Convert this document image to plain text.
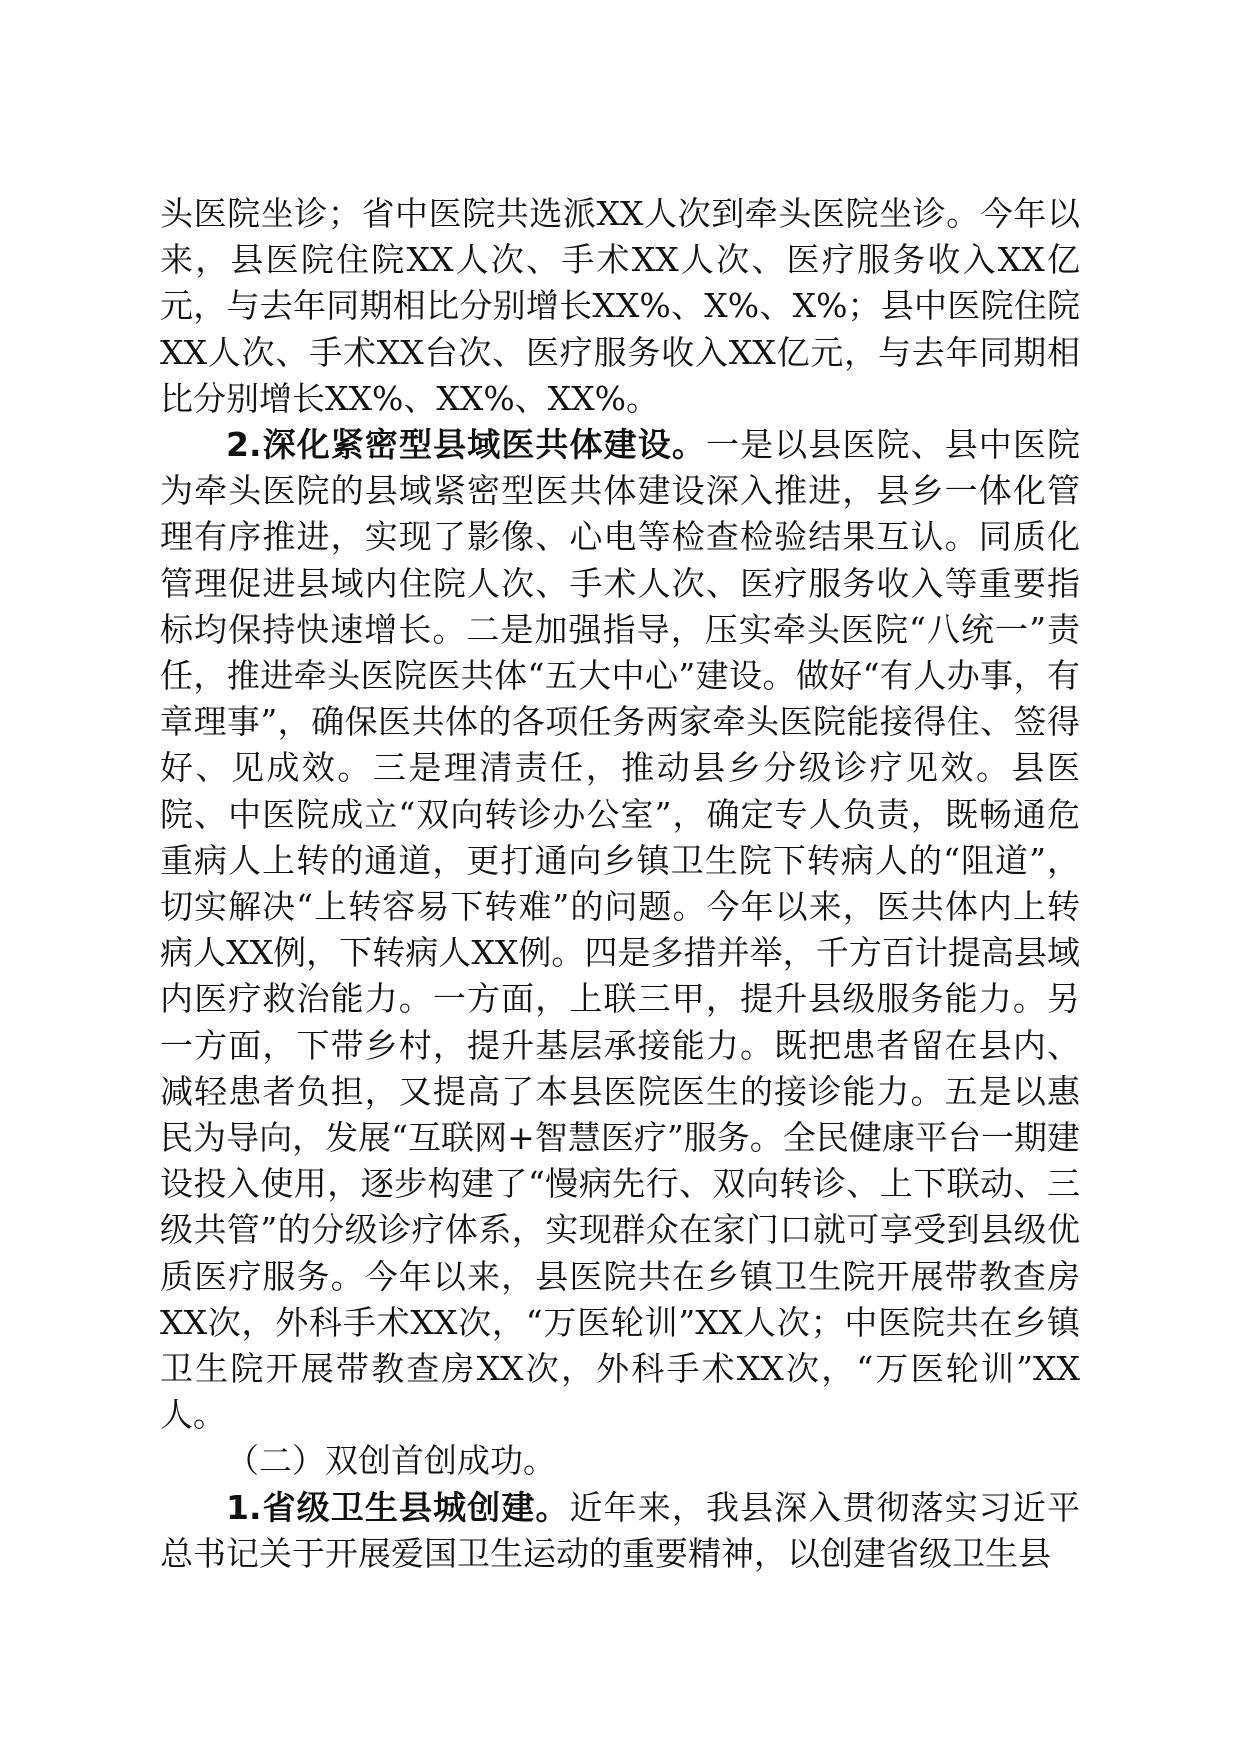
头医院坐诊；省中医院共选派XX人次到牵头医院坐诊。今年以来，县医院住院XX人次、手术XX人次、医疗服务收入XX亿元，与去年同期相比分别增长XX%、X%、X%；县中医院住院XX人次、手术XX台次、医疗服务收入XX亿元，与去年同期相比分别增长XX%、XX%、XX%。

2.深化紧密型县域医共体建设。一是以县医院、县中医院为牵头医院的县域紧密型医共体建设深入推进，县乡一体化管理有序推进，实现了影像、心电等检查检验结果互认。同质化管理促进县域内住院人次、手术人次、医疗服务收入等重要指标均保持快速增长。二是加强指导，压实牵头医院“八统一”责任，推进牵头医院医共体“五大中心”建设。做好“有人办事，有章理事”，确保医共体的各项任务两家牵头医院能接得住、签得好、见成效。三是理清责任，推动县乡分级诊疗见效。县医院、中医院成立“双向转诊办公室”，确定专人负责，既畅通危重病人上转的通道，更打通向乡镇卫生院下转病人的“阻道”，切实解决“上转容易下转难”的问题。今年以来，医共体内上转病人XX例，下转病人XX例。四是多措并举，千方百计提高县域内医疗救治能力。一方面，上联三甲，提升县级服务能力。另一方面，下带乡村，提升基层承接能力。既把患者留在县内、减轻患者负担，又提高了本县医院医生的接诊能力。五是以惠民为导向，发展“互联网+智慧医疗”服务。全民健康平台一期建设投入使用，逐步构建了“慢病先行、双向转诊、上下联动、三级共管”的分级诊疗体系，实现群众在家门口就可享受到县级优质医疗服务。今年以来，县医院共在乡镇卫生院开展带教查房XX次，外科手术XX次，“万医轮训”XX人次；中医院共在乡镇卫生院开展带教查房XX次，外科手术XX次，“万医轮训”XX人。

（二）双创首创成功。

1.省级卫生县城创建。近年来，我县深入贯彻落实习近平总书记关于开展爱国卫生运动的重要精神，以创建省级卫生县
